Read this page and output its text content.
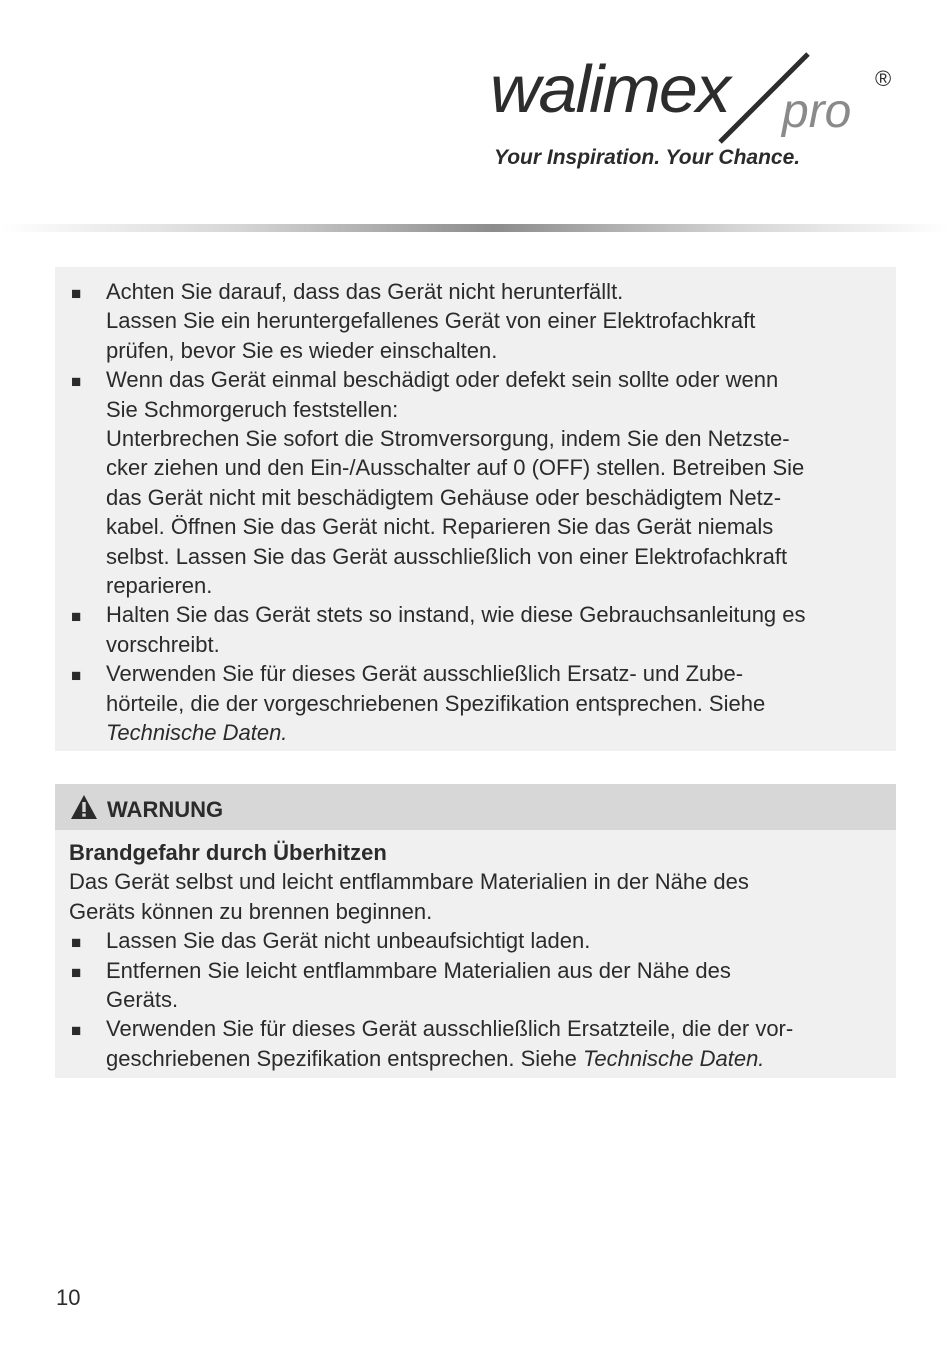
walimex pro
®
Your Inspiration. Your Chance.
■ Achten Sie darauf, dass das Gerät nicht herunterfällt.
Lassen Sie ein heruntergefallenes Gerät von einer Elektrofachkraft
prüfen, bevor Sie es wieder einschalten.
■ Wenn das Gerät einmal beschädigt oder defekt sein sollte oder wenn
Sie Schmorgeruch feststellen:
Unterbrechen Sie sofort die Stromversorgung, indem Sie den Netzste-
cker ziehen und den Ein-/Ausschalter auf 0 (OFF) stellen. Betreiben Sie
das Gerät nicht mit beschädigtem Gehäuse oder beschädigtem Netz-
kabel. Öffnen Sie das Gerät nicht. Reparieren Sie das Gerät niemals
selbst. Lassen Sie das Gerät ausschließlich von einer Elektrofachkraft
reparieren.
■ Halten Sie das Gerät stets so instand, wie diese Gebrauchsanleitung es
vorschreibt.
■ Verwenden Sie für dieses Gerät ausschließlich Ersatz- und Zube-
hörteile, die der vorgeschriebenen Spezifikation entsprechen. Siehe
Technische Daten.
WARNUNG

Brandgefahr durch Überhitzen

Das Gerät selbst und leicht entflammbare Materialien in der Nähe des
Geräts können zu brennen beginnen.

■ Lassen Sie das Gerät nicht unbeaufsichtigt laden.
■ Entfernen Sie leicht entflammbare Materialien aus der Nähe des
Geräts.
■ Verwenden Sie für dieses Gerät ausschließlich Ersatzteile, die der vor-
geschriebenen Spezifikation entsprechen. Siehe Technische Daten.
10
